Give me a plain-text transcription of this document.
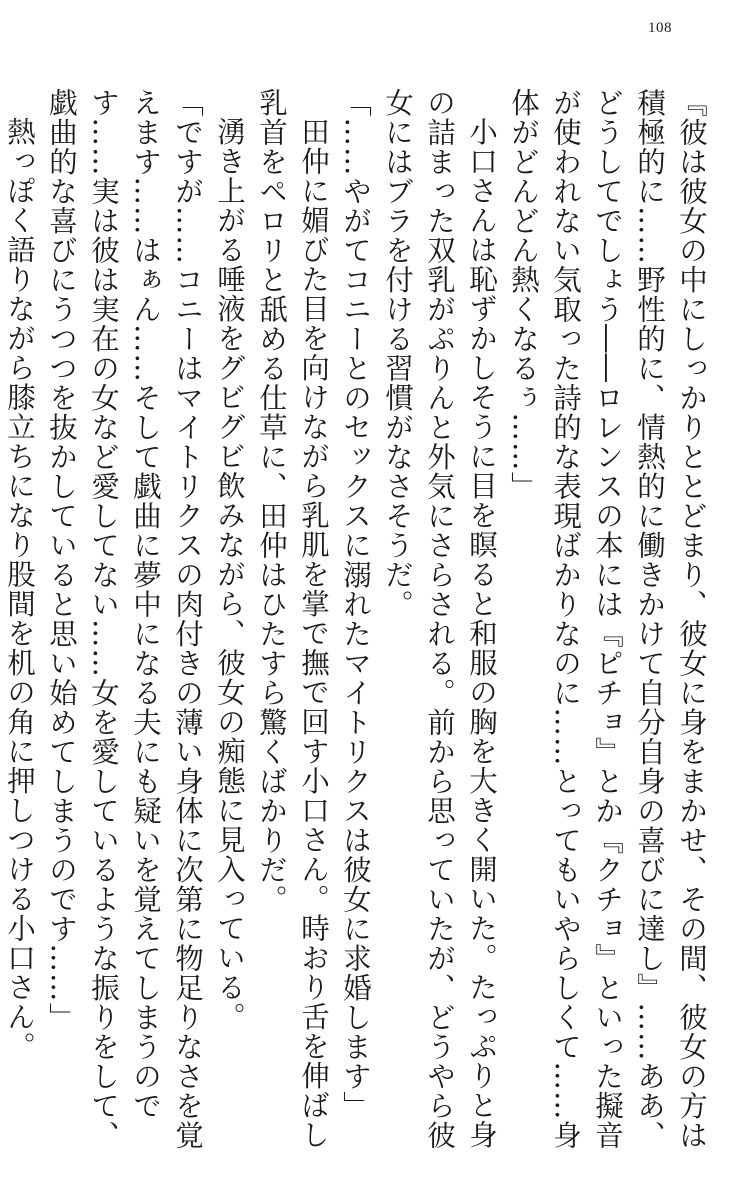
108

『彼は彼女の中にしっかりととどまり、彼女に身をまかせ、その間、彼女の方は積極的に……野性的に、情熱的に働きかけて自分自身の喜びに達し』……ああ、どうしてでしょう――ロレンスの本には『ピチョ』とか『クチョ』といった擬音が使われない気取った詩的な表現ばかりなのに……とってもいやらしくて……身体がどんどん熱くなるぅ……」

小口さんは恥ずかしそうに目を瞑ると和服の胸を大きく開いた。たっぷりと身の詰まった双乳がぷりんと外気にさらされる。前から思っていたが、どうやら彼女にはブラを付ける習慣がなさそうだ。

「……やがてコニーとのセックスに溺れたマイトリクスは彼女に求婚します」

田仲に媚びた目を向けながら乳肌を掌で撫で回す小口さん。時おり舌を伸ばし乳首をペロリと舐める仕草に、田仲はひたすら驚くばかりだ。

湧き上がる唾液をグビグビ飲みながら、彼女の痴態に見入っている。

「ですが……コニーはマイトリクスの肉付きの薄い身体に次第に物足りなさを覚えます……はぁん……そして戯曲に夢中になる夫にも疑いを覚えてしまうのです……実は彼は実在の女など愛してない……女を愛しているような振りをして、戯曲的な喜びにうつつを抜かしていると思い始めてしまうのです……」

熱っぽく語りながら膝立ちになり股間を机の角に押しつける小口さん。
